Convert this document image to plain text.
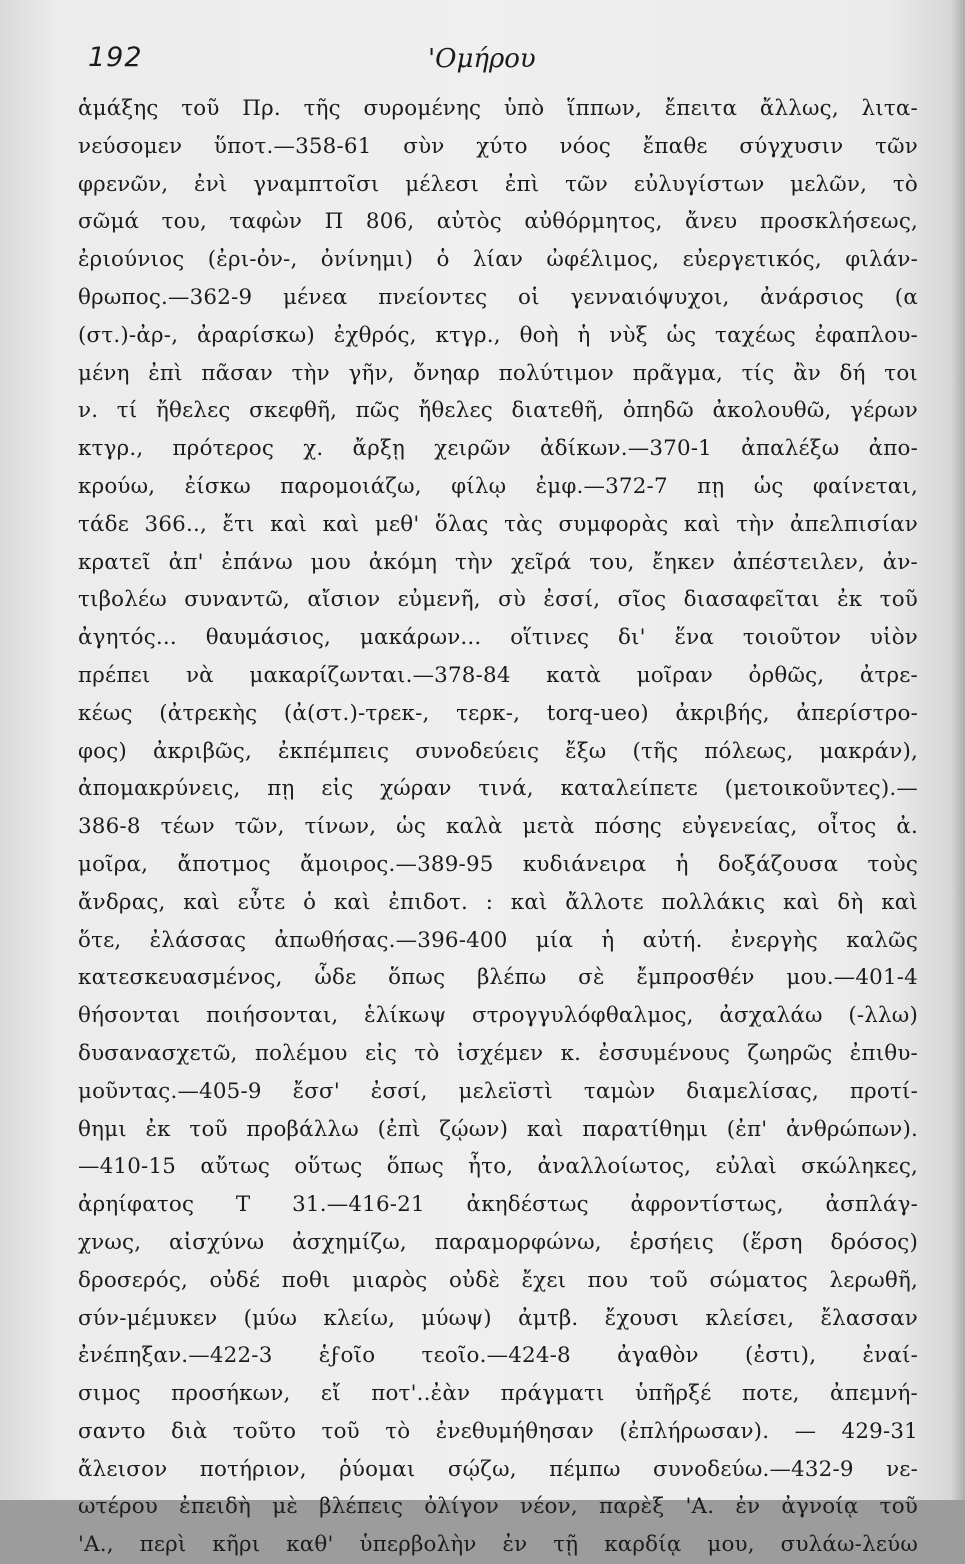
192	'Ομήρου
ἁμάξης τοῦ Πρ. τῆς συρομένης ὑπὸ ἵππων, ἔπειτα ἄλλως, λιτα-
νεύσομεν ὕποτ.—358-61 σὺν χύτο νόος ἔπαθε σύγχυσιν τῶν
φρενῶν, ἐνὶ γναμπτοῖσι μέλεσι ἐπὶ τῶν εὐλυγίστων μελῶν, τὸ
σῶμά του, ταφὼν Π 806, αὐτὸς αὐθόρμητος, ἄνευ προσκλήσεως,
ἐριούνιος (ἐρι-ὀν-, ὀνίνημι) ὁ λίαν ὠφέλιμος, εὐεργετικός, φιλάν-
θρωπος.—362-9 μένεα πνείοντες οἱ γενναιόψυχοι, ἀνάρσιος (α
(στ.)-ἀρ-, ἀραρίσκω) ἐχθρός, κτγρ., θοὴ ἡ νὺξ ὡς ταχέως ἐφαπλου-
μένη ἐπὶ πᾶσαν τὴν γῆν, ὄνηαρ πολύτιμον πρᾶγμα, τίς ἂν δή τοι
ν. τί ἤθελες σκεφθῆ, πῶς ἤθελες διατεθῆ, ὀπηδῶ ἀκολουθῶ, γέρων
κτγρ., πρότερος χ. ἄρξῃ χειρῶν ἀδίκων.—370-1 ἀπαλέξω ἀπο-
κρούω, ἐίσκω παρομοιάζω, φίλῳ ἐμφ.—372-7 πῃ ὡς φαίνεται,
τάδε 366.., ἔτι καὶ καὶ μεθ' ὅλας τὰς συμφορὰς καὶ τὴν ἀπελπισίαν
κρατεῖ ἀπ' ἐπάνω μου ἀκόμη τὴν χεῖρά του, ἔηκεν ἀπέστειλεν, ἀν-
τιβολέω συναντῶ, αἴσιον εὐμενῆ, σὺ ἐσσί, σῖος διασαφεῖται ἐκ τοῦ
ἀγητός... θαυμάσιος, μακάρων... οἵτινες δι' ἕνα τοιοῦτον υἱὸν
πρέπει νὰ μακαρίζωνται.—378-84 κατὰ μοῖραν ὀρθῶς, ἀτρε-
κέως (ἀτρεκὴς (ἀ(στ.)-τρεκ-, τερκ-, torq-ueo) ἀκριβής, ἀπερίστρο-
φος) ἀκριβῶς, ἐκπέμπεις συνοδεύεις ἔξω (τῆς πόλεως, μακράν),
ἀπομακρύνεις, πῃ εἰς χώραν τινά, καταλείπετε (μετοικοῦντες).—
386-8 τέων τῶν, τίνων, ὡς καλὰ μετὰ πόσης εὐγενείας, οἶτος ἀ.
μοῖρα, ἄποτμος ἄμοιρος.—389-95 κυδιάνειρα ἡ δοξάζουσα τοὺς
ἄνδρας, καὶ εὖτε ὁ καὶ ἐπιδοτ. : καὶ ἄλλοτε πολλάκις καὶ δὴ καὶ
ὅτε, ἐλάσσας ἀπωθήσας.—396-400 μία ἡ αὐτή. ἐνεργὴς καλῶς
κατεσκευασμένος, ὧδε ὅπως βλέπω σὲ ἔμπροσθέν μου.—401-4
θήσονται ποιήσονται, ἑλίκωψ στρογγυλόφθαλμος, ἀσχαλάω (-λλω)
δυσανασχετῶ, πολέμου εἰς τὸ ἰσχέμεν κ. ἐσσυμένους ζωηρῶς ἐπιθυ-
μοῦντας.—405-9 ἔσσ' ἐσσί, μελεϊστὶ ταμὼν διαμελίσας, προτί-
θημι ἐκ τοῦ προβάλλω (ἐπὶ ζῴων) καὶ παρατίθημι (ἐπ' ἀνθρώπων).
—410-15 αὔτως οὕτως ὅπως ἦτο, ἀναλλοίωτος, εὐλαὶ σκώληκες,
ἀρηίφατος Τ 31.—416-21 ἀκηδέστως ἀφροντίστως, ἀσπλάγ-
χνως, αἰσχύνω ἀσχημίζω, παραμορφώνω, ἑρσήεις (ἕρση δρόσος)
δροσερός, οὐδέ ποθι μιαρὸς οὐδὲ ἔχει που τοῦ σώματος λερωθῆ,
σύν-μέμυκεν (μύω κλείω, μύωψ) ἀμτβ. ἔχουσι κλείσει, ἔλασσαν
ἐνέπηξαν.—422-3 ἑϝοῖο τεοῖο.—424-8 ἀγαθὸν (ἐστι), ἐναί-
σιμος προσήκων, εἴ ποτ'..ἐὰν πράγματι ὑπῆρξέ ποτε, ἀπεμνή-
σαντο διὰ τοῦτο τοῦ τὸ ἐνεθυμήθησαν (ἐπλήρωσαν). — 429-31
ἄλεισον ποτήριον, ῥύομαι σῴζω, πέμπω συνοδεύω.—432-9 νε-
ωτέρου ἐπειδὴ μὲ βλέπεις ὀλίγον νέον, παρὲξ 'Α. ἐν ἀγνοίᾳ τοῦ
'Α., περὶ κῆρι καθ' ὑπερβολὴν ἐν τῇ καρδίᾳ μου, συλάω-λεύω
